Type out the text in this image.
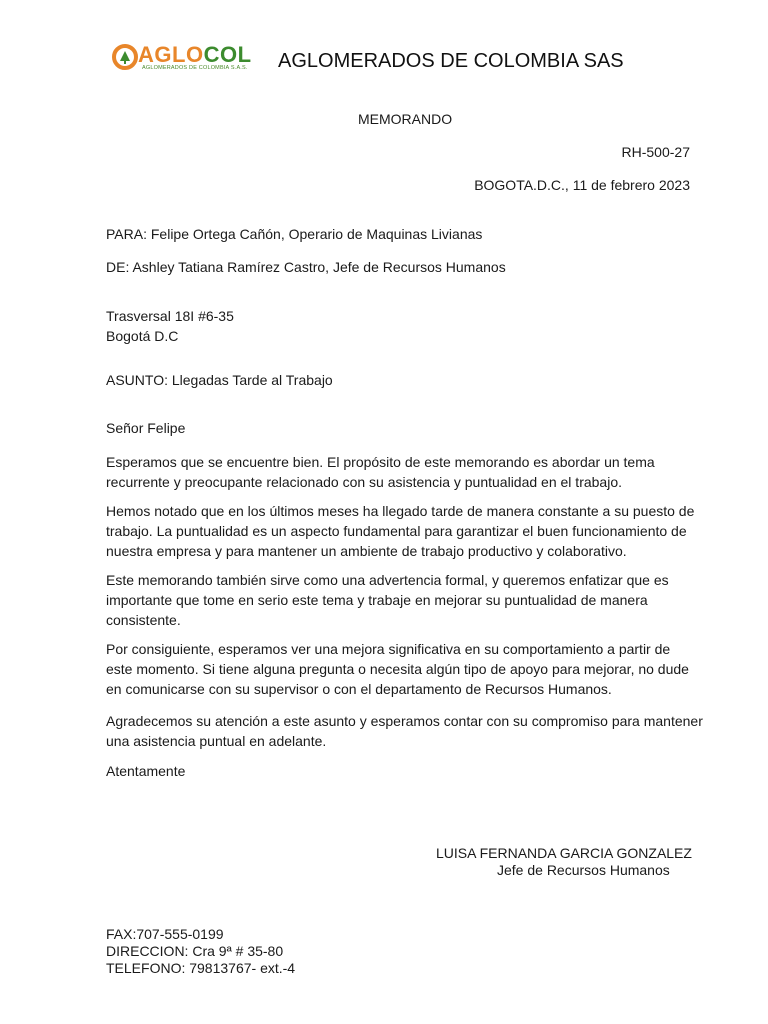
AGLOCOL
AGLOMERADOS DE COLOMBIA S.A.S. AGLOMERADOS DE COLOMBIA SAS
MEMORANDO
RH-500-27
BOGOTA.D.C., 11 de febrero 2023
PARA: Felipe Ortega Cañón, Operario de Maquinas Livianas
DE: Ashley Tatiana Ramírez Castro, Jefe de Recursos Humanos
Trasversal 18I #6-35
Bogotá D.C
ASUNTO: Llegadas Tarde al Trabajo
Señor Felipe
Esperamos que se encuentre bien. El propósito de este memorando es abordar un tema
recurrente y preocupante relacionado con su asistencia y puntualidad en el trabajo.
Hemos notado que en los últimos meses ha llegado tarde de manera constante a su puesto de
trabajo. La puntualidad es un aspecto fundamental para garantizar el buen funcionamiento de
nuestra empresa y para mantener un ambiente de trabajo productivo y colaborativo.
Este memorando también sirve como una advertencia formal, y queremos enfatizar que es
importante que tome en serio este tema y trabaje en mejorar su puntualidad de manera
consistente.
Por consiguiente, esperamos ver una mejora significativa en su comportamiento a partir de
este momento. Si tiene alguna pregunta o necesita algún tipo de apoyo para mejorar, no dude
en comunicarse con su supervisor o con el departamento de Recursos Humanos.
Agradecemos su atención a este asunto y esperamos contar con su compromiso para mantener
una asistencia puntual en adelante.
Atentamente
LUISA FERNANDA GARCIA GONZALEZ
Jefe de Recursos Humanos
FAX:707-555-0199
DIRECCION: Cra 9ª # 35-80
TELEFONO: 79813767- ext.-4
